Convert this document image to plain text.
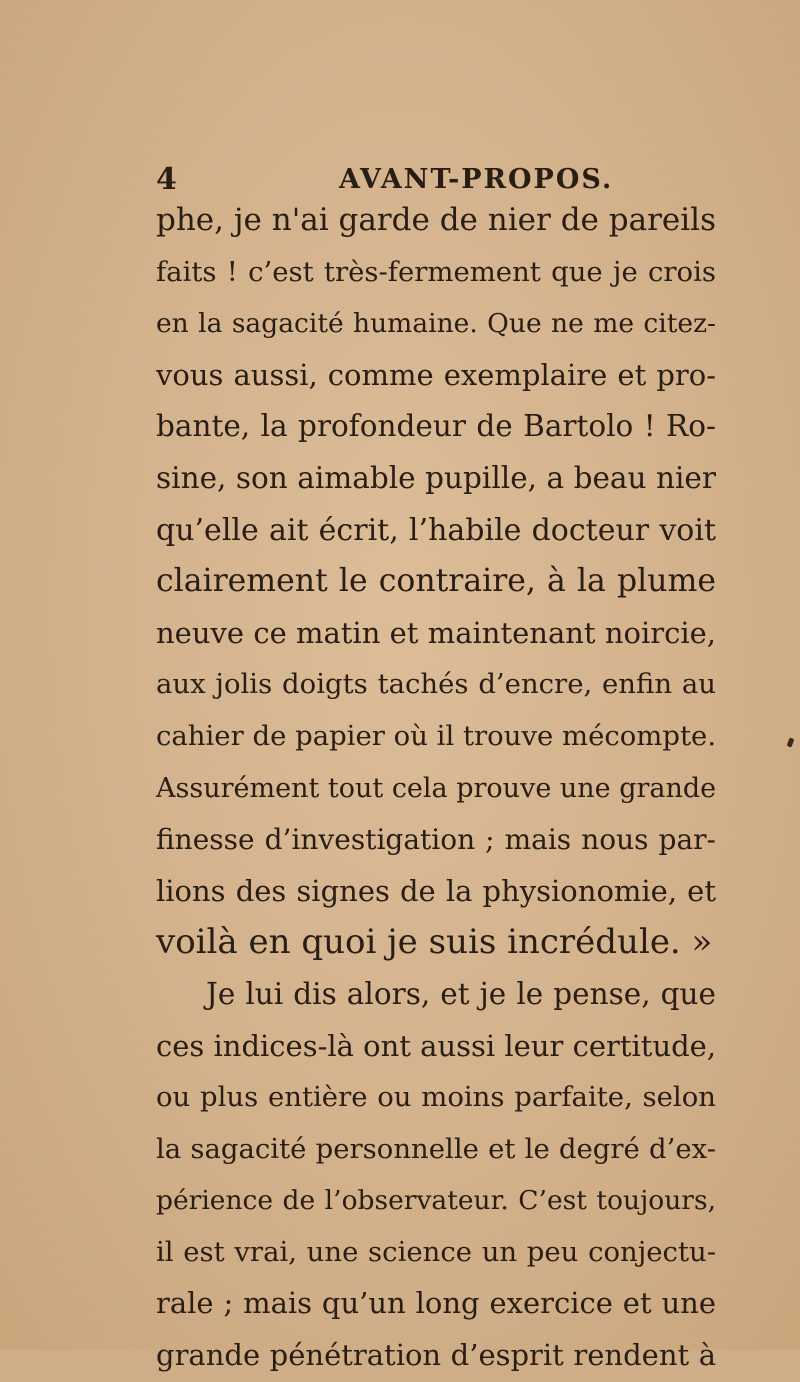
4	AVANT-PROPOS.
phe, je n'ai garde de nier de pareils
faits ! c’est très-fermement que je crois
en la sagacité humaine. Que ne me citez-
vous aussi, comme exemplaire et pro-
bante, la profondeur de Bartolo ! Ro-
sine, son aimable pupille, a beau nier
qu’elle ait écrit, l’habile docteur voit
clairement le contraire, à la plume
neuve ce matin et maintenant noircie,
aux jolis doigts tachés d’encre, enfin au
cahier de papier où il trouve mécompte.
Assurément tout cela prouve une grande
finesse d’investigation ; mais nous par-
lions des signes de la physionomie, et
voilà en quoi je suis incrédule. »
Je lui dis alors, et je le pense, que
ces indices-là ont aussi leur certitude,
ou plus entière ou moins parfaite, selon
la sagacité personnelle et le degré d’ex-
périence de l’observateur. C’est toujours,
il est vrai, une science un peu conjectu-
rale ; mais qu’un long exercice et une
grande pénétration d’esprit rendent à
